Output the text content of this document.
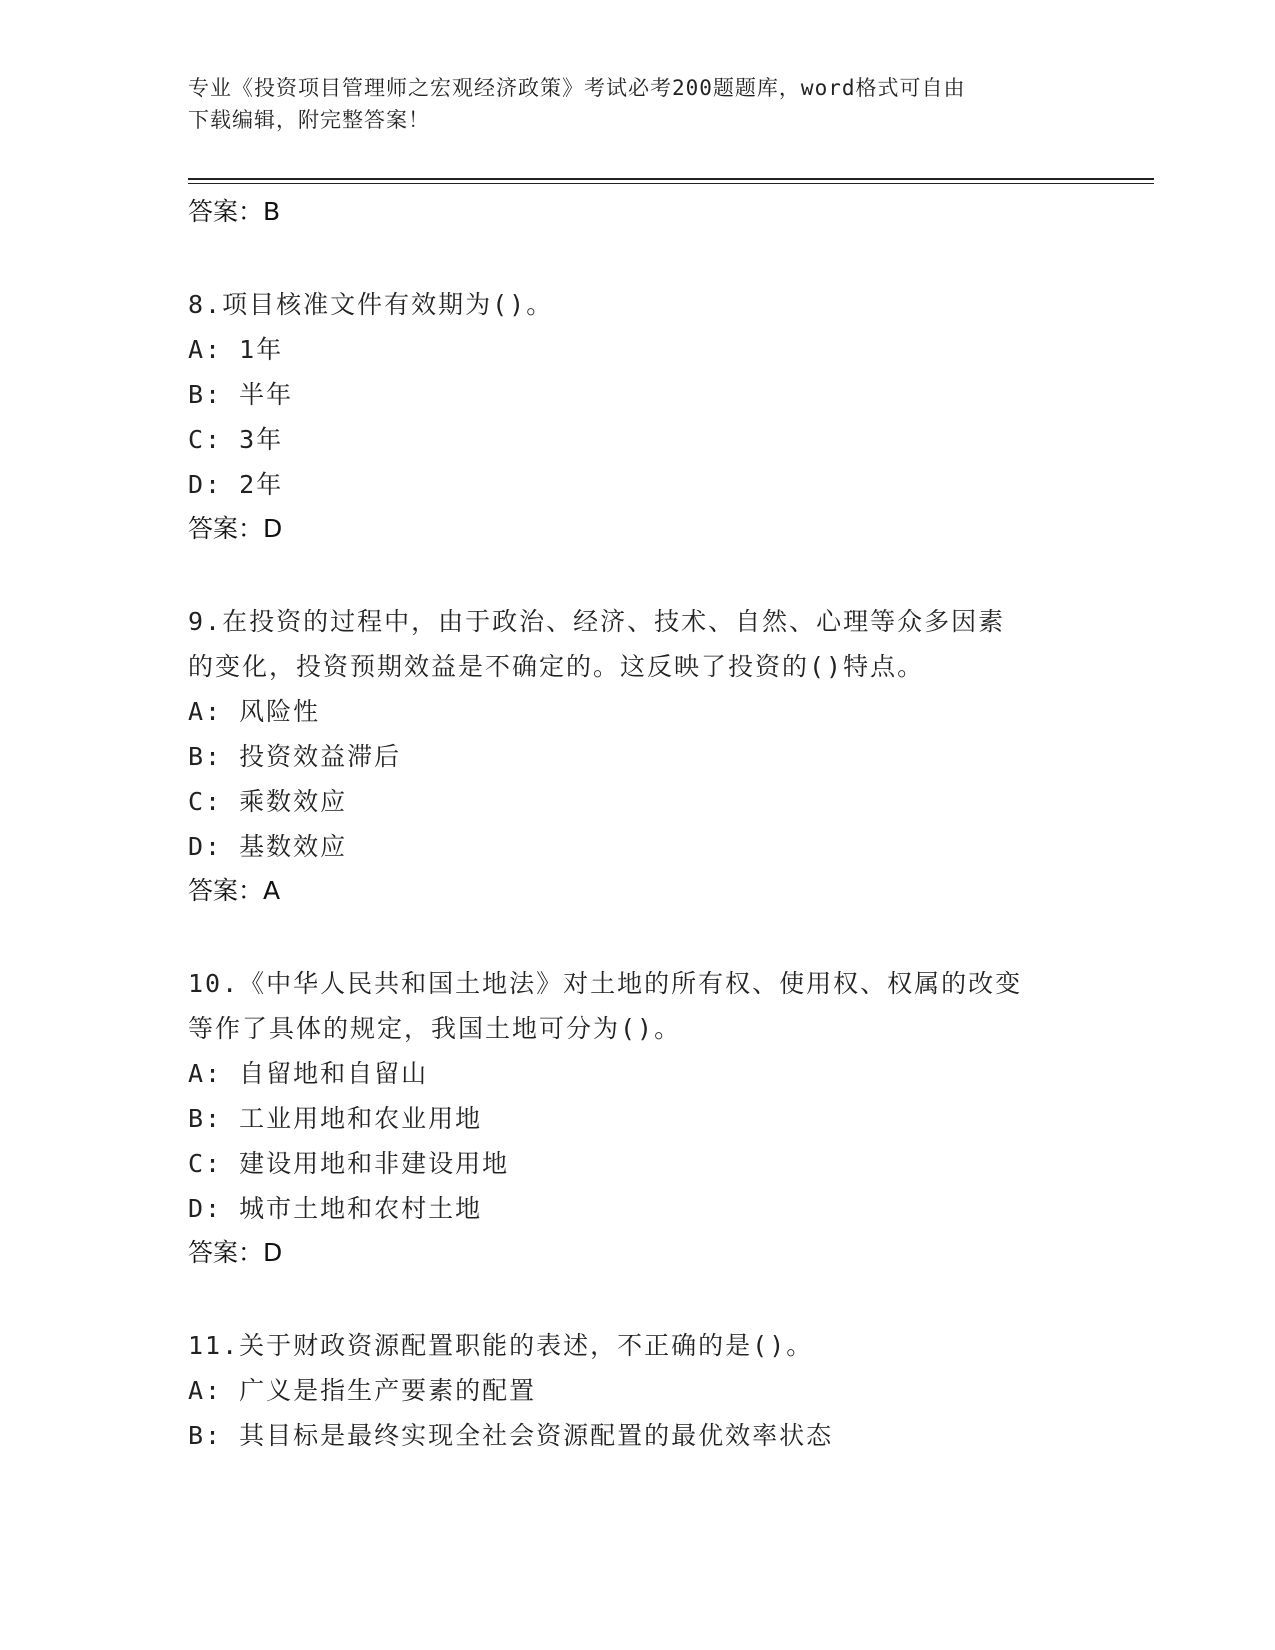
专业《投资项目管理师之宏观经济政策》考试必考200题题库，word格式可自由
下载编辑，附完整答案！
答案：B
8.项目核准文件有效期为()。
A: 1年
B: 半年
C: 3年
D: 2年
答案：D
9.在投资的过程中，由于政治、经济、技术、自然、心理等众多因素
的变化，投资预期效益是不确定的。这反映了投资的()特点。
A: 风险性
B: 投资效益滞后
C: 乘数效应
D: 基数效应
答案：A
10.《中华人民共和国土地法》对土地的所有权、使用权、权属的改变
等作了具体的规定，我国土地可分为()。
A: 自留地和自留山
B: 工业用地和农业用地
C: 建设用地和非建设用地
D: 城市土地和农村土地
答案：D
11.关于财政资源配置职能的表述，不正确的是()。
A: 广义是指生产要素的配置
B: 其目标是最终实现全社会资源配置的最优效率状态
